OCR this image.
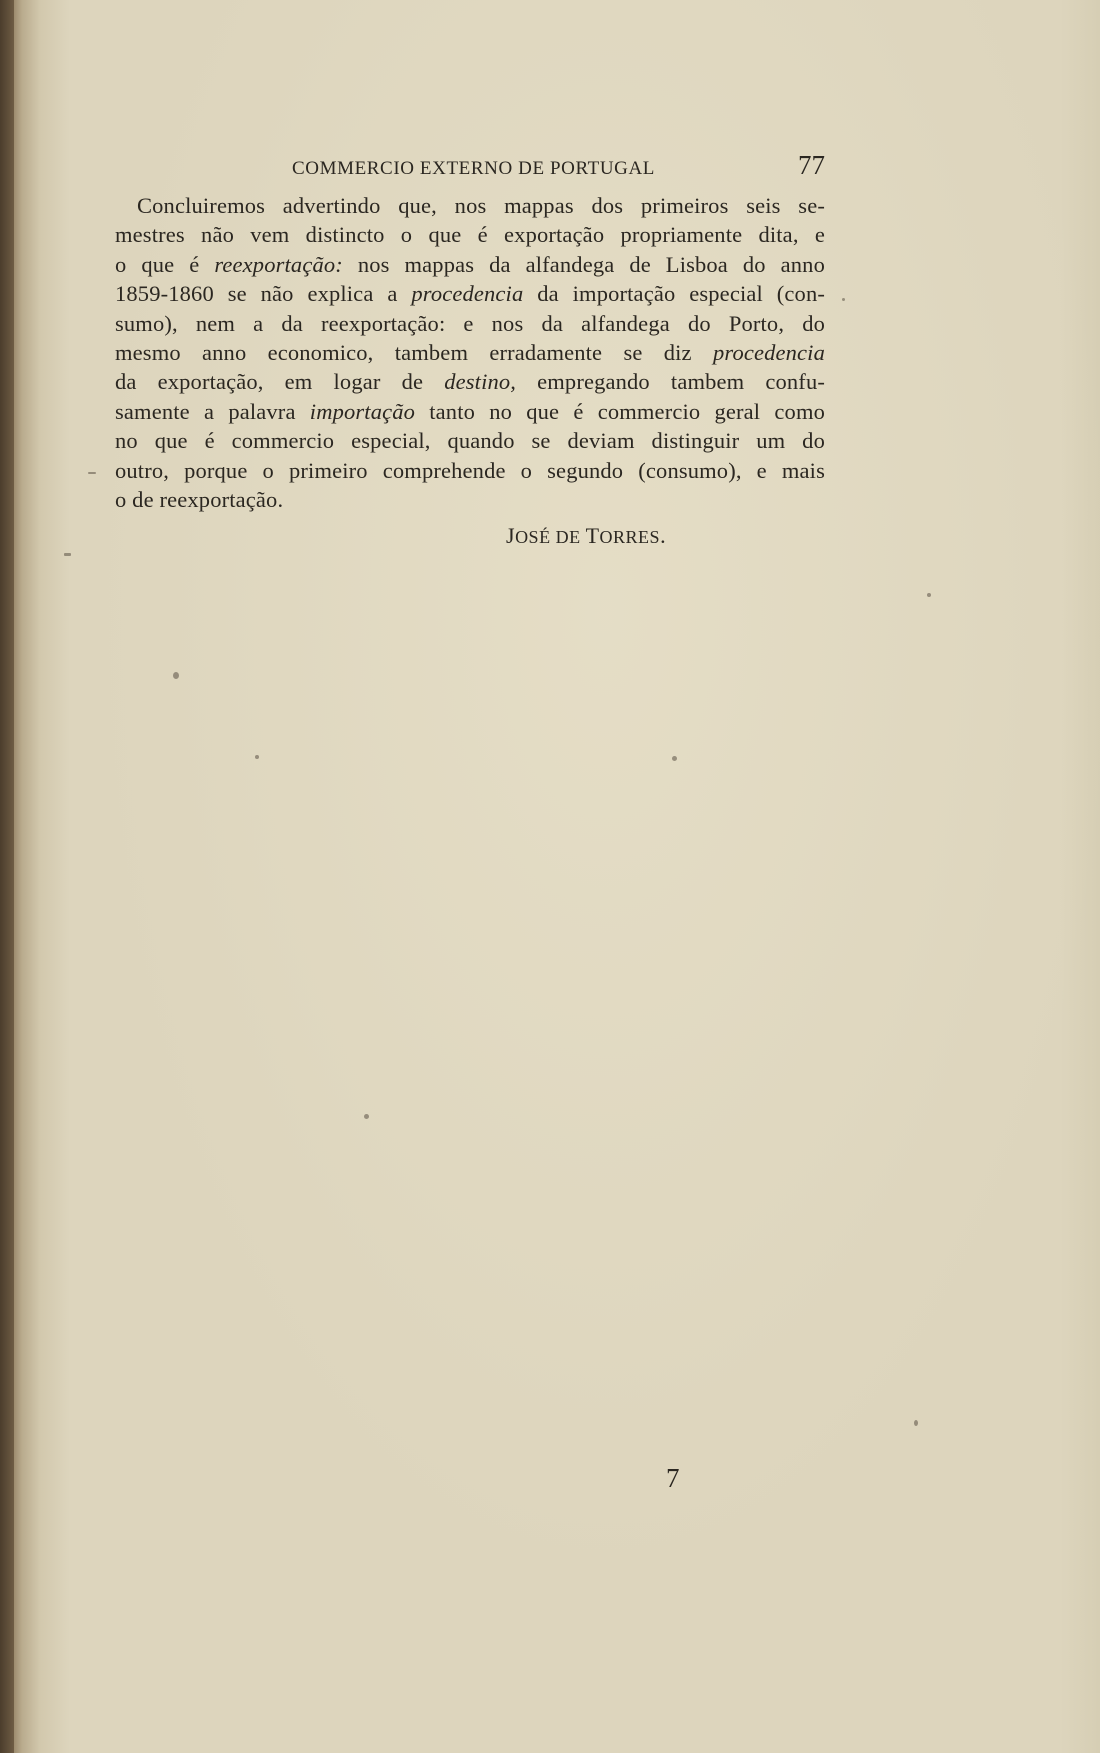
COMMERCIO EXTERNO DE PORTUGAL	77
Concluiremos advertindo que, nos mappas dos primeiros seis se-
mestres não vem distincto o que é exportação propriamente dita, e
o que é reexportação: nos mappas da alfandega de Lisboa do anno
1859-1860 se não explica a procedencia da importação especial (con-
sumo), nem a da reexportação: e nos da alfandega do Porto, do
mesmo anno economico, tambem erradamente se diz procedencia
da exportação, em logar de destino, empregando tambem confu-
samente a palavra importação tanto no que é commercio geral como
no que é commercio especial, quando se deviam distinguir um do
outro, porque o primeiro comprehende o segundo (consumo), e mais
o de reexportação.
JOSÉ DE TORRES.
7
